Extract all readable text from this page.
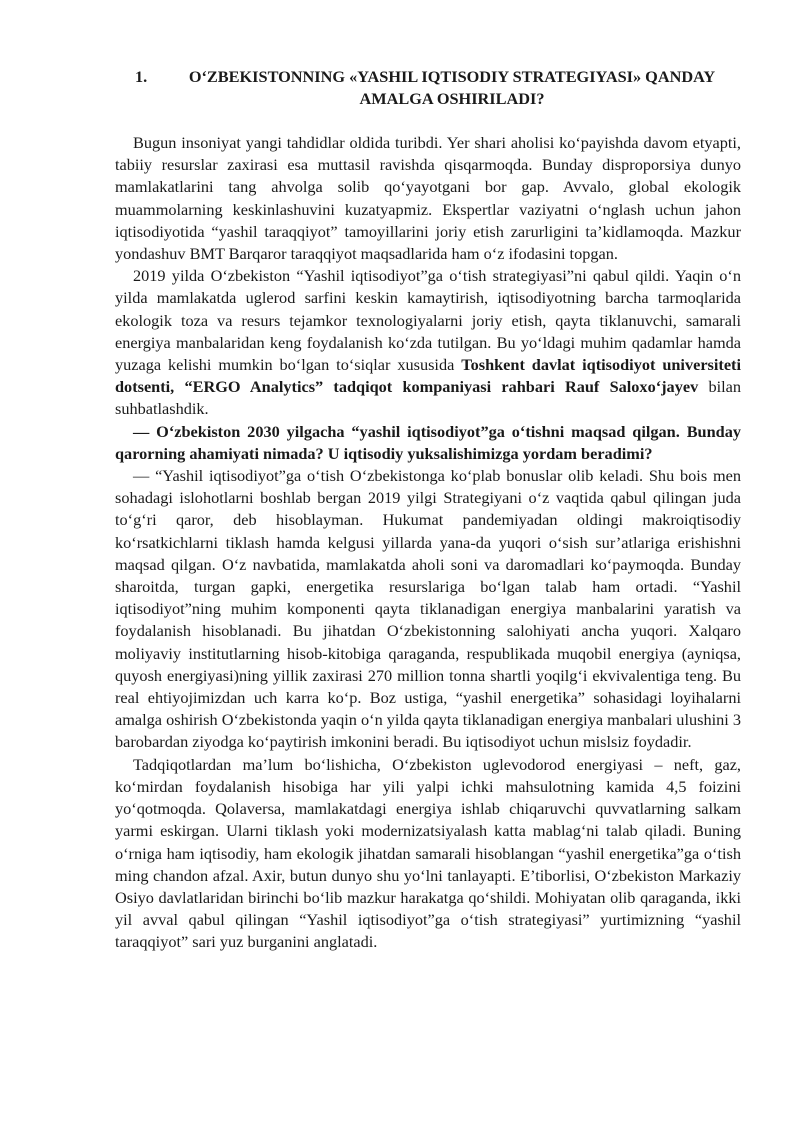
1.	O‘ZBEKISTONNING «YASHIL IQTISODIY STRATEGIYASI» QANDAY AMALGA OSHIRILADI?

Bugun insoniyat yangi tahdidlar oldida turibdi. Yer shari aholisi ko‘payishda davom etyapti, tabiiy resurslar zaxirasi esa muttasil ravishda qisqarmoqda. Bunday disproporsiya dunyo mamlakatlarini tang ahvolga solib qo‘yayotgani bor gap. Avvalo, global ekologik muammolarning keskinlashuvini kuzatyapmiz. Ekspertlar vaziyatni o‘nglash uchun jahon iqtisodiyotida “yashil taraqqiyot” tamoyillarini joriy etish zarurligini ta’kidlamoqda. Mazkur yondashuv BMT Barqaror taraqqiyot maqsadlarida ham o‘z ifodasini topgan.

2019 yilda O‘zbekiston “Yashil iqtisodiyot”ga o‘tish strategiyasi”ni qabul qildi. Yaqin o‘n yilda mamlakatda uglerod sarfini keskin kamaytirish, iqtisodiyotning barcha tarmoqlarida ekologik toza va resurs tejamkor texnologiyalarni joriy etish, qayta tiklanuvchi, samarali energiya manbalaridan keng foydalanish ko‘zda tutilgan. Bu yo‘ldagi muhim qadamlar hamda yuzaga kelishi mumkin bo‘lgan to‘siqlar xususida Toshkent davlat iqtisodiyot universiteti dotsenti, “ERGO Analytics” tadqiqot kompaniyasi rahbari Rauf Saloxo‘jayev bilan suhbatlashdik.

— O‘zbekiston 2030 yilgacha “yashil iqtisodiyot”ga o‘tishni maqsad qilgan. Bunday qarorning ahamiyati nimada? U iqtisodiy yuksalishimizga yordam beradimi?

— “Yashil iqtisodiyot”ga o‘tish O‘zbekistonga ko‘plab bonuslar olib keladi. Shu bois men sohadagi islohotlarni boshlab bergan 2019 yilgi Strategiyani o‘z vaqtida qabul qilingan juda to‘g‘ri qaror, deb hisoblayman. Hukumat pandemiyadan oldingi makroiqtisodiy ko‘rsatkichlarni tiklash hamda kelgusi yillarda yana-da yuqori o‘sish sur’atlariga erishishni maqsad qilgan. O‘z navbatida, mamlakatda aholi soni va daromadlari ko‘paymoqda. Bunday sharoitda, turgan gapki, energetika resurslariga bo‘lgan talab ham ortadi. “Yashil iqtisodiyot”ning muhim komponenti qayta tiklanadigan energiya manbalarini yaratish va foydalanish hisoblanadi. Bu jihatdan O‘zbekistonning salohiyati ancha yuqori. Xalqaro moliyaviy institutlarning hisob-kitobiga qaraganda, respublikada muqobil energiya (ayniqsa, quyosh energiyasi)ning yillik zaxirasi 270 million tonna shartli yoqilg‘i ekvivalentiga teng. Bu real ehtiyojimizdan uch karra ko‘p. Boz ustiga, “yashil energetika” sohasidagi loyihalarni amalga oshirish O‘zbekistonda yaqin o‘n yilda qayta tiklanadigan energiya manbalari ulushini 3 barobardan ziyodga ko‘paytirish imkonini beradi. Bu iqtisodiyot uchun mislsiz foydadir.

Tadqiqotlardan ma’lum bo‘lishicha, O‘zbekiston uglevodorod energiyasi – neft, gaz, ko‘mirdan foydalanish hisobiga har yili yalpi ichki mahsulotning kamida 4,5 foizini yo‘qotmoqda. Qolaversa, mamlakatdagi energiya ishlab chiqaruvchi quvvatlarning salkam yarmi eskirgan. Ularni tiklash yoki modernizatsiyalash katta mablag‘ni talab qiladi. Buning o‘rniga ham iqtisodiy, ham ekologik jihatdan samarali hisoblangan “yashil energetika”ga o‘tish ming chandon afzal. Axir, butun dunyo shu yo‘lni tanlayapti. E’tiborlisi, O‘zbekiston Markaziy Osiyo davlatlaridan birinchi bo‘lib mazkur harakatga qo‘shildi. Mohiyatan olib qaraganda, ikki yil avval qabul qilingan “Yashil iqtisodiyot”ga o‘tish strategiyasi” yurtimizning “yashil taraqqiyot” sari yuz burganini anglatadi.
